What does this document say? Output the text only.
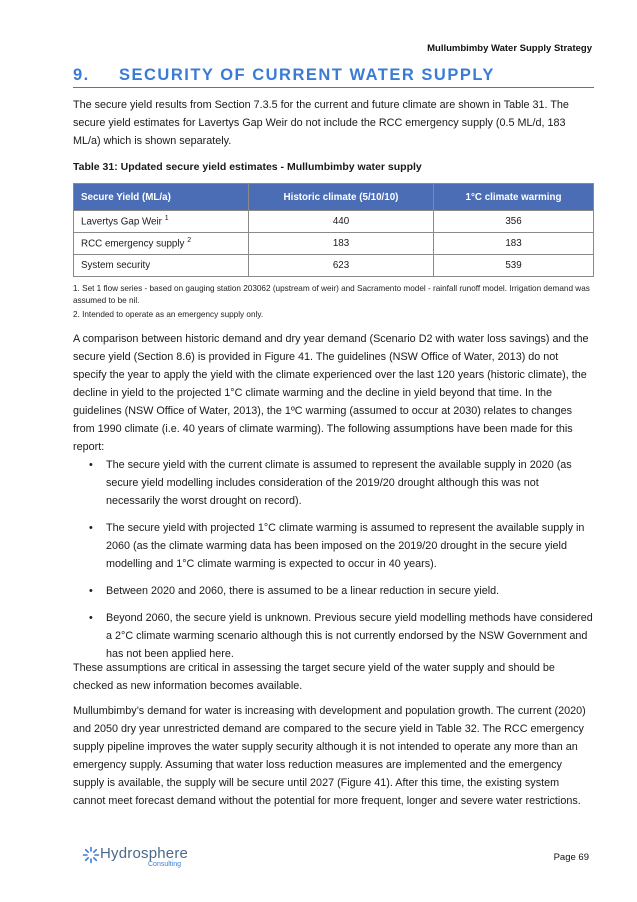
Mullumbimby Water Supply Strategy
9.	SECURITY OF CURRENT WATER SUPPLY

The secure yield results from Section 7.3.5 for the current and future climate are shown in Table 31. The secure yield estimates for Lavertys Gap Weir do not include the RCC emergency supply (0.5 ML/d, 183 ML/a) which is shown separately.

Table 31: Updated secure yield estimates - Mullumbimby water supply
Secure Yield (ML/a)	Historic climate (5/10/10)	1°C climate warming
Lavertys Gap Weir $^1$	440	356
RCC emergency supply $^2$	183	183
System security	623	539
1. Set 1 flow series - based on gauging station 203062 (upstream of weir) and Sacramento model - rainfall runoff model. Irrigation demand was assumed to be nil.
2. Intended to operate as an emergency supply only.

A comparison between historic demand and dry year demand (Scenario D2 with water loss savings) and the secure yield (Section 8.6) is provided in Figure 41. The guidelines (NSW Office of Water, 2013) do not specify the year to apply the yield with the climate experienced over the last 120 years (historic climate), the decline in yield to the projected 1°C climate warming and the decline in yield beyond that time. In the guidelines (NSW Office of Water, 2013), the 1ºC warming (assumed to occur at 2030) relates to changes from 1990 climate (i.e. 40 years of climate warming). The following assumptions have been made for this report:

• The secure yield with the current climate is assumed to represent the available supply in 2020 (as secure yield modelling includes consideration of the 2019/20 drought although this was not necessarily the worst drought on record).
• The secure yield with projected 1°C climate warming is assumed to represent the available supply in 2060 (as the climate warming data has been imposed on the 2019/20 drought in the secure yield modelling and 1°C climate warming is expected to occur in 40 years).
• Between 2020 and 2060, there is assumed to be a linear reduction in secure yield.
• Beyond 2060, the secure yield is unknown. Previous secure yield modelling methods have considered a 2°C climate warming scenario although this is not currently endorsed by the NSW Government and has not been applied here.

These assumptions are critical in assessing the target secure yield of the water supply and should be checked as new information becomes available.

Mullumbimby’s demand for water is increasing with development and population growth. The current (2020) and 2050 dry year unrestricted demand are compared to the secure yield in Table 32. The RCC emergency supply pipeline improves the water supply security although it is not intended to operate any more than an emergency supply. Assuming that water loss reduction measures are implemented and the emergency supply is available, the supply will be secure until 2027 (Figure 41). After this time, the existing system cannot meet forecast demand without the potential for more frequent, longer and severe water restrictions.

Hydrosphere
Consulting
Page 69
